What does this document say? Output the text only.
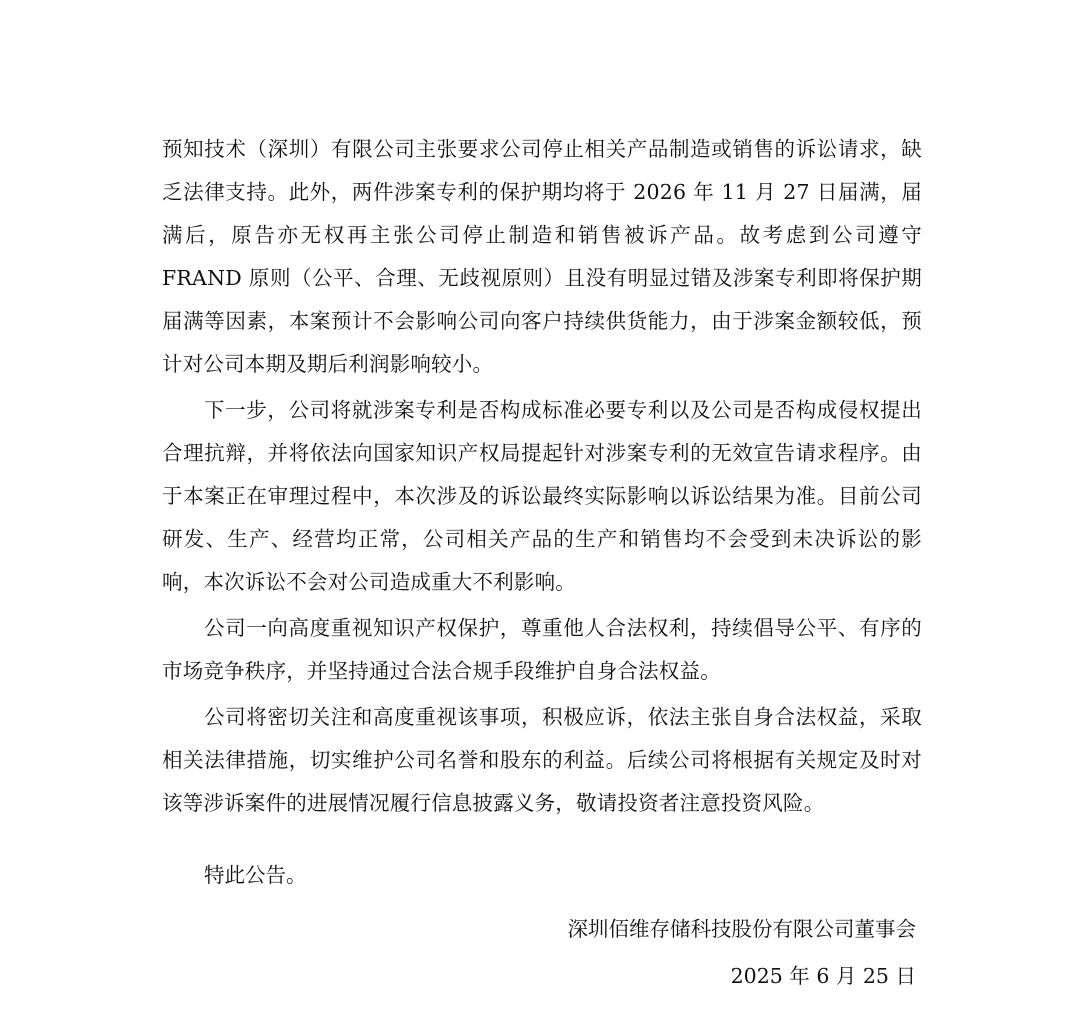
预知技术（深圳）有限公司主张要求公司停止相关产品制造或销售的诉讼请求，缺乏法律支持。此外，两件涉案专利的保护期均将于 2026 年 11 月 27 日届满，届满后，原告亦无权再主张公司停止制造和销售被诉产品。故考虑到公司遵守 FRAND 原则（公平、合理、无歧视原则）且没有明显过错及涉案专利即将保护期届满等因素，本案预计不会影响公司向客户持续供货能力，由于涉案金额较低，预计对公司本期及期后利润影响较小。

下一步，公司将就涉案专利是否构成标准必要专利以及公司是否构成侵权提出合理抗辩，并将依法向国家知识产权局提起针对涉案专利的无效宣告请求程序。由于本案正在审理过程中，本次涉及的诉讼最终实际影响以诉讼结果为准。目前公司研发、生产、经营均正常，公司相关产品的生产和销售均不会受到未决诉讼的影响，本次诉讼不会对公司造成重大不利影响。

公司一向高度重视知识产权保护，尊重他人合法权利，持续倡导公平、有序的市场竞争秩序，并坚持通过合法合规手段维护自身合法权益。

公司将密切关注和高度重视该事项，积极应诉，依法主张自身合法权益，采取相关法律措施，切实维护公司名誉和股东的利益。后续公司将根据有关规定及时对该等涉诉案件的进展情况履行信息披露义务，敬请投资者注意投资风险。

特此公告。

深圳佰维存储科技股份有限公司董事会

2025 年 6 月 25 日
